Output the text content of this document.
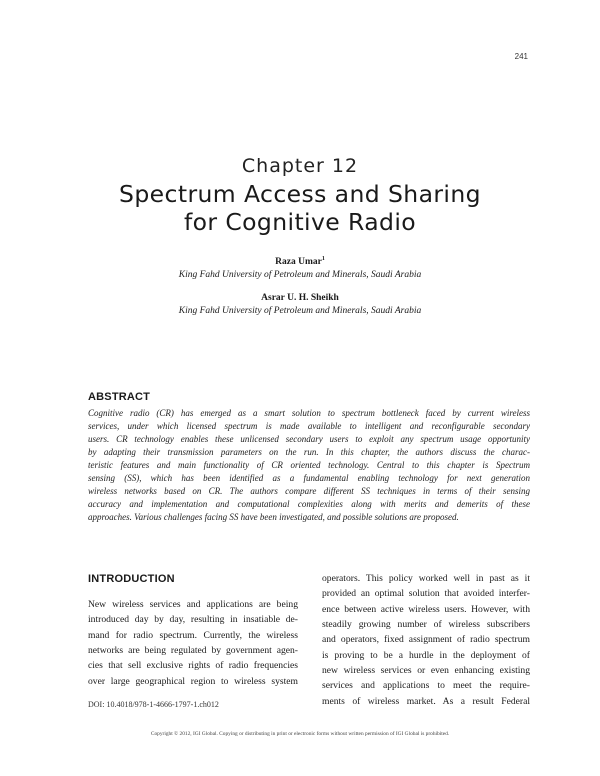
241
Chapter 12
Spectrum Access and Sharing
for Cognitive Radio
Raza Umar$^1$
King Fahd University of Petroleum and Minerals, Saudi Arabia
Asrar U. H. Sheikh
King Fahd University of Petroleum and Minerals, Saudi Arabia
ABSTRACT
Cognitive radio (CR) has emerged as a smart solution to spectrum bottleneck faced by current wireless
services, under which licensed spectrum is made available to intelligent and reconfigurable secondary
users. CR technology enables these unlicensed secondary users to exploit any spectrum usage opportunity
by adapting their transmission parameters on the run. In this chapter, the authors discuss the charac-
teristic features and main functionality of CR oriented technology. Central to this chapter is Spectrum
sensing (SS), which has been identified as a fundamental enabling technology for next generation
wireless networks based on CR. The authors compare different SS techniques in terms of their sensing
accuracy and implementation and computational complexities along with merits and demerits of these
approaches. Various challenges facing SS have been investigated, and possible solutions are proposed.
INTRODUCTION
New wireless services and applications are being
introduced day by day, resulting in insatiable de-
mand for radio spectrum. Currently, the wireless
networks are being regulated by government agen-
cies that sell exclusive rights of radio frequencies
over large geographical region to wireless system
operators. This policy worked well in past as it
provided an optimal solution that avoided interfer-
ence between active wireless users. However, with
steadily growing number of wireless subscribers
and operators, fixed assignment of radio spectrum
is proving to be a hurdle in the deployment of
new wireless services or even enhancing existing
services and applications to meet the require-
ments of wireless market. As a result Federal
DOI: 10.4018/978-1-4666-1797-1.ch012
Copyright © 2012, IGI Global. Copying or distributing in print or electronic forms without written permission of IGI Global is prohibited.
